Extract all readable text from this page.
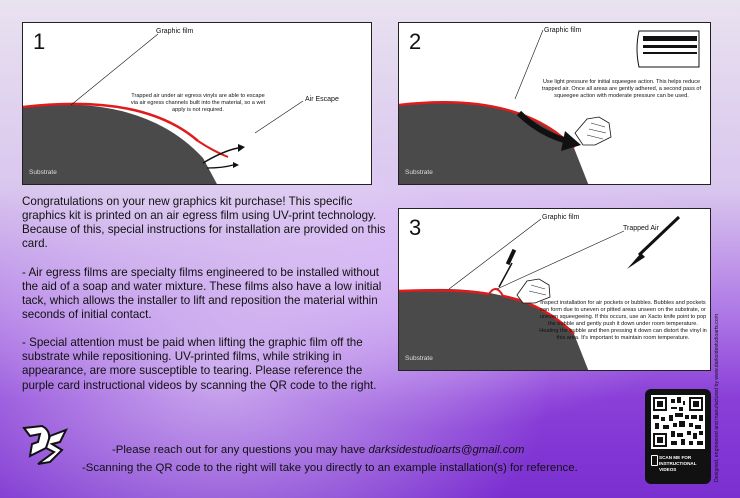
1	Graphic film
Air Escape
Trapped air under air egress vinyls are able to escape via air egress channels built into the material, so a wet apply is not required.
Substrate
2	Graphic film
Use light pressure for initial squeegee action. This helps reduce trapped air. Once all areas are gently adhered, a second pass of squeegee action with moderate pressure can be used.
Substrate
3	Graphic film
Trapped Air
Inspect installation for air pockets or bubbles. Bubbles and pockets can form due to uneven or pitted areas unseen on the substrate, or uneven squeegeeing. If this occurs, use an Xacto knife point to pop the bubble and gently push it down under room temperature. Heating the bubble and then pressing it down can distort the vinyl in this area. It's important to maintain room temperature.
Substrate

Congratulations on your new graphics kit purchase! This specific graphics kit is printed on an air egress film using UV-print technology. Because of this, special instructions for installation are provided on this card.

- Air egress films are specialty films engineered to be installed without the aid of a soap and water mixture. These films also have a low initial tack, which allows the installer to lift and reposition the material within seconds of initial contact.

- Special attention must be paid when lifting the graphic film off the substrate while repositioning. UV-printed films, while striking in appearance, are more susceptible to tearing. Please reference the purple card instructional videos by scanning the QR code to the right.

-Please reach out for any questions you may have darksidestudioarts@gmail.com
-Scanning the QR code to the right will take you directly to an example installation(s) for reference.
SCAN ME FOR
INSTRUCTIONAL
VIDEOS	Designed, engineered and manufactured by www.darksidestudioarts.com
